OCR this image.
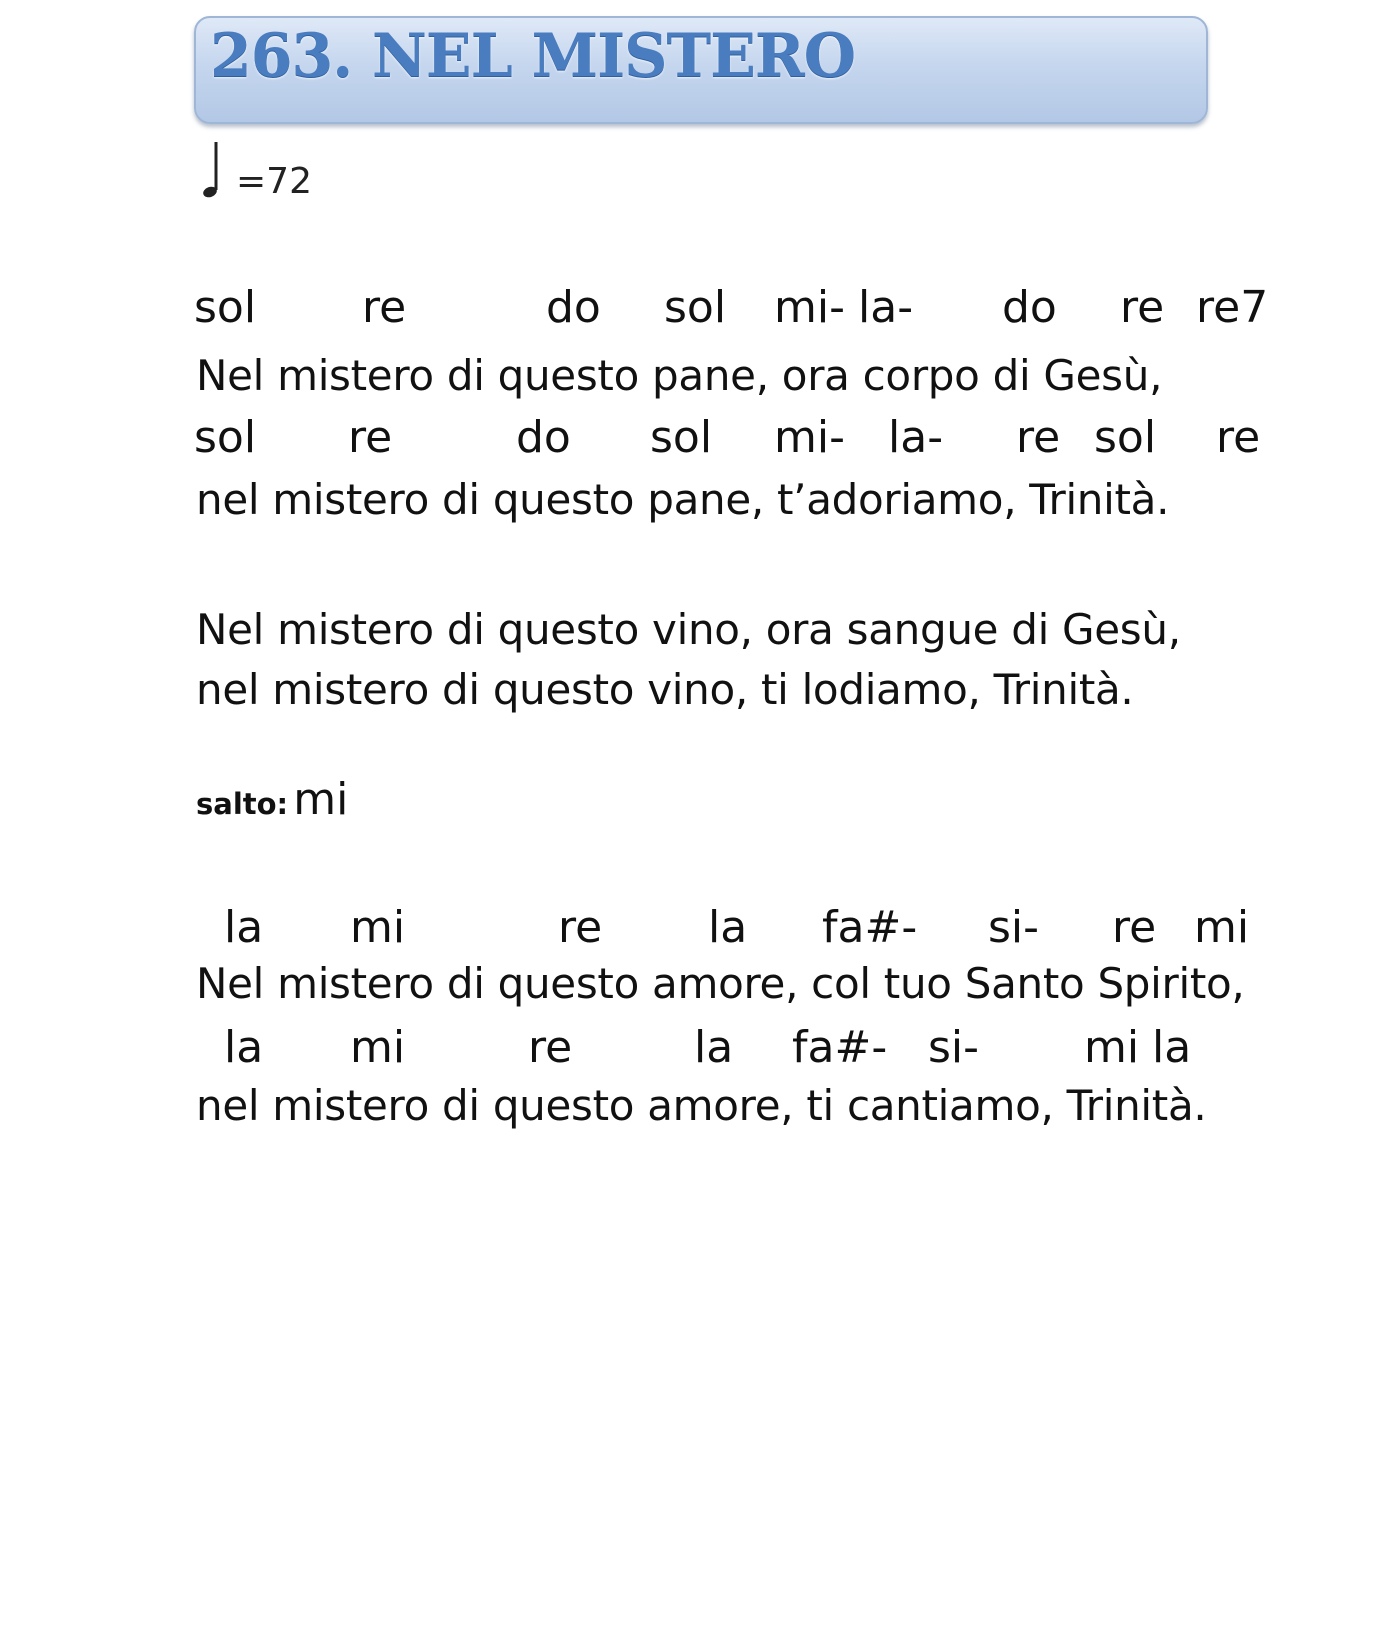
263. NEL MISTERO
=72
sol re	do sol mi- la- do re re7
Nel mistero di questo pane, ora corpo di Gesù,
sol re	do sol mi- la- re sol re
nel mistero di questo pane, t’adoriamo, Trinità.
Nel mistero di questo vino, ora sangue di Gesù,
nel mistero di questo vino, ti lodiamo, Trinità.
salto: mi
la mi	re la fa#- si- re mi
Nel mistero di questo amore, col tuo Santo Spirito,
la mi	re	la fa#- si- mi la
nel mistero di questo amore, ti cantiamo, Trinità.
